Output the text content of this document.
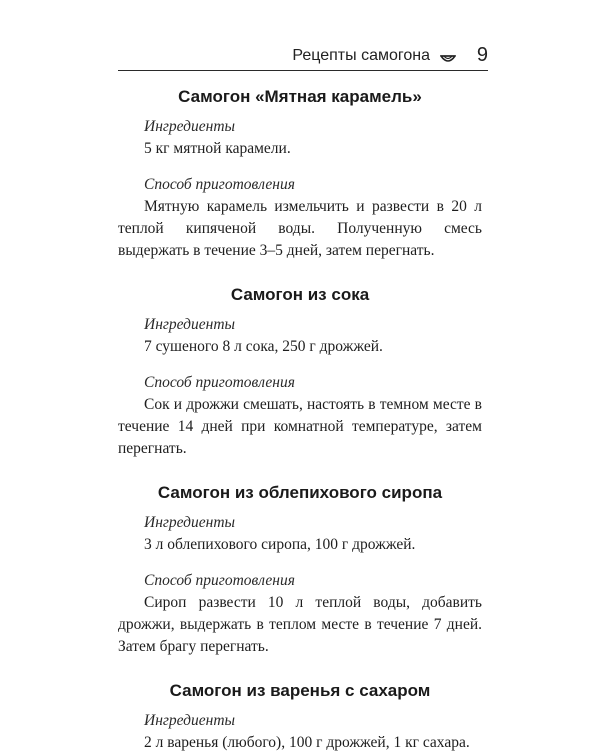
Рецепты самогона 9
Самогон «Мятная карамель»

Ингредиенты

5 кг мятной карамели.

Способ приготовления

Мятную карамель измельчить и развести в 20 л теплой кипяченой воды. Полученную смесь выдержать в течение 3–5 дней, затем перегнать.

Самогон из сока

Ингредиенты

7 сушеного 8 л сока, 250 г дрожжей.

Способ приготовления

Сок и дрожжи смешать, настоять в темном месте в течение 14 дней при комнатной температуре, затем перегнать.

Самогон из облепихового сиропа

Ингредиенты

3 л облепихового сиропа, 100 г дрожжей.

Способ приготовления

Сироп развести 10 л теплой воды, добавить дрожжи, выдержать в теплом месте в течение 7 дней. Затем брагу перегнать.

Самогон из варенья с сахаром

Ингредиенты

2 л варенья (любого), 100 г дрожжей, 1 кг сахара.
